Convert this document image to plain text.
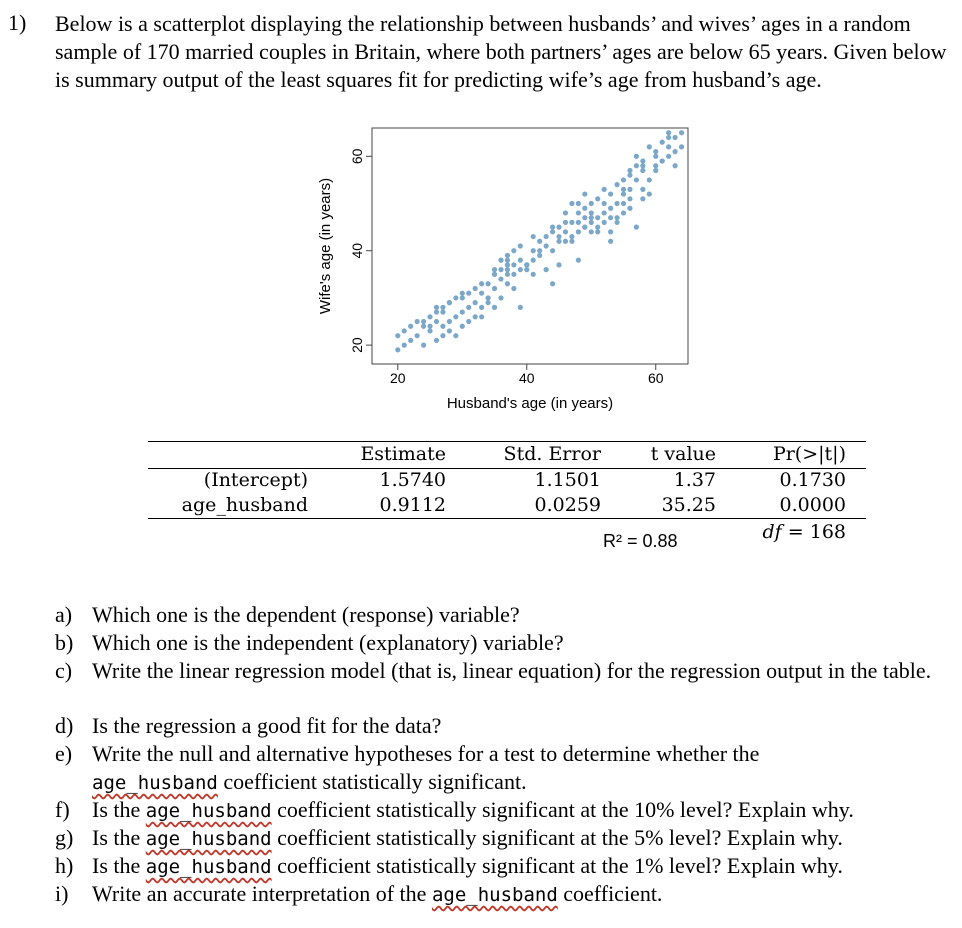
1) Below is a scatterplot displaying the relationship between husbands’ and wives’ ages in a random sample of 170 married couples in Britain, where both partners’ ages are below 65 years. Given below is summary output of the least squares fit for predicting wife’s age from husband’s age.
20	40	60
20
40
60
Husband's age (in years)
Wife's age (in years)
Estimate	Std. Error	t value	Pr(>|t|)
(Intercept)	1.5740	1.1501	1.37	0.1730
age_husband	0.9112	0.0259	35.25	0.0000
df = 168
R² = 0.88
a) Which one is the dependent (response) variable?
b) Which one is the independent (explanatory) variable?
c) Write the linear regression model (that is, linear equation) for the regression output in the table.
d) Is the regression a good fit for the data?
e) Write the null and alternative hypotheses for a test to determine whether the
age_husband coefficient statistically significant.
f) Is the age_husband coefficient statistically significant at the 10% level? Explain why.
g) Is the age_husband coefficient statistically significant at the 5% level? Explain why.
h) Is the age_husband coefficient statistically significant at the 1% level? Explain why.
i) Write an accurate interpretation of the age_husband coefficient.
